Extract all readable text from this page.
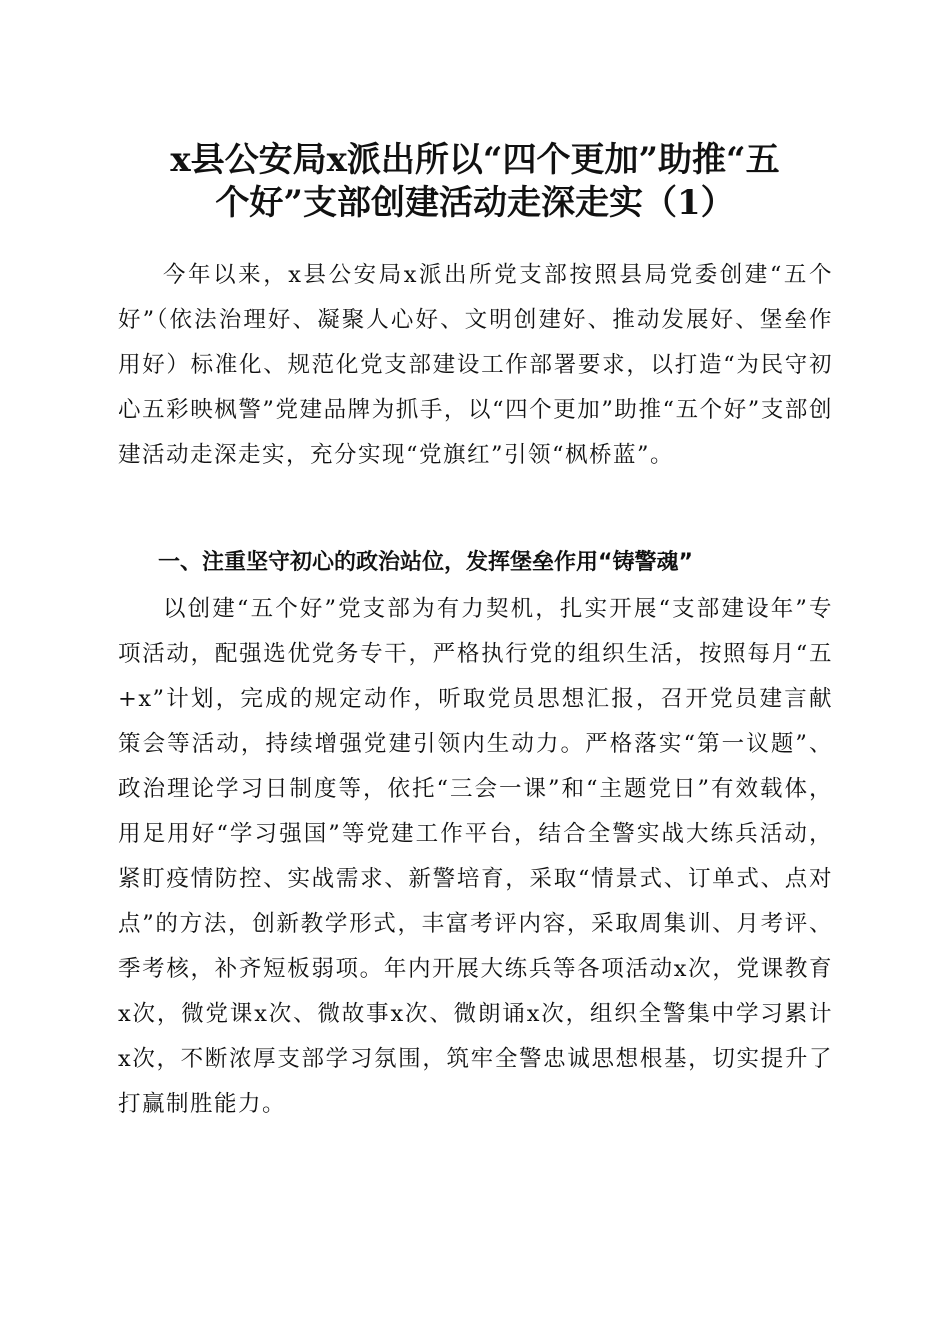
x县公安局x派出所以“四个更加”助推“五
个好”支部创建活动走深走实（1）

今年以来，x县公安局x派出所党支部按照县局党委创建“五个好”（依法治理好、凝聚人心好、文明创建好、推动发展好、堡垒作用好）标准化、规范化党支部建设工作部署要求，以打造“为民守初心五彩映枫警”党建品牌为抓手，以“四个更加”助推“五个好”支部创建活动走深走实，充分实现“党旗红”引领“枫桥蓝”。

一、注重坚守初心的政治站位，发挥堡垒作用“铸警魂”

以创建“五个好”党支部为有力契机，扎实开展“支部建设年”专项活动，配强选优党务专干，严格执行党的组织生活，按照每月“五+x”计划，完成的规定动作，听取党员思想汇报，召开党员建言献策会等活动，持续增强党建引领内生动力。严格落实“第一议题”、政治理论学习日制度等，依托“三会一课”和“主题党日”有效载体，用足用好“学习强国”等党建工作平台，结合全警实战大练兵活动，紧盯疫情防控、实战需求、新警培育，采取“情景式、订单式、点对点”的方法，创新教学形式，丰富考评内容，采取周集训、月考评、季考核，补齐短板弱项。年内开展大练兵等各项活动x次，党课教育x次，微党课x次、微故事x次、微朗诵x次，组织全警集中学习累计x次，不断浓厚支部学习氛围，筑牢全警忠诚思想根基，切实提升了打赢制胜能力。
